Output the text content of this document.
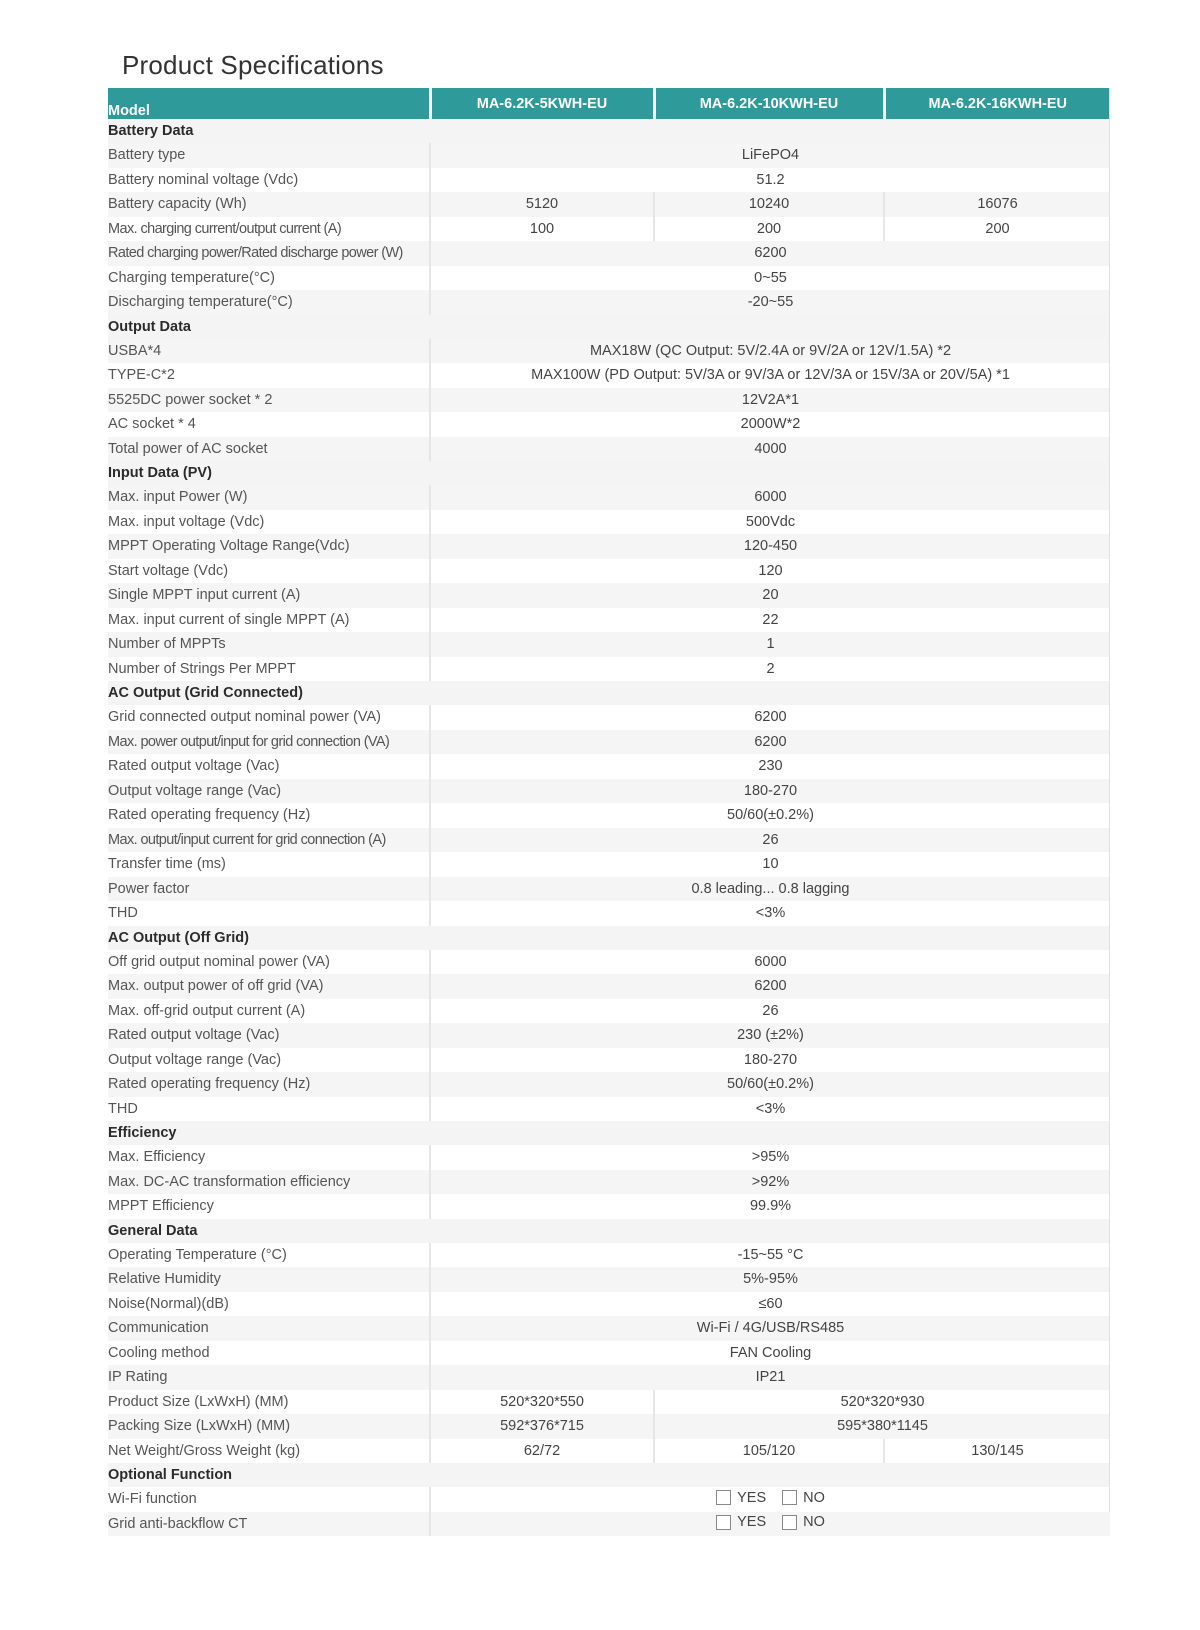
Product Specifications
Model	MA-6.2K-5KWH-EU	MA-6.2K-10KWH-EU	MA-6.2K-16KWH-EU
Battery Data			
Battery type	LiFePO4		
Battery nominal voltage (Vdc)	51.2		
Battery capacity (Wh)	5120	10240	16076
Max. charging current/output current (A)	100	200	200
Rated charging power/Rated discharge power (W)	6200		
Charging temperature(°C)	0~55		
Discharging temperature(°C)	-20~55		
Output Data			
USBA*4	MAX18W (QC Output: 5V/2.4A or 9V/2A or 12V/1.5A) *2		
TYPE-C*2	MAX100W (PD Output: 5V/3A or 9V/3A or 12V/3A or 15V/3A or 20V/5A) *1		
5525DC power socket * 2	12V2A*1		
AC socket * 4	2000W*2		
Total power of AC socket	4000		
Input Data (PV)			
Max. input Power (W)	6000		
Max. input voltage (Vdc)	500Vdc		
MPPT Operating Voltage Range(Vdc)	120-450		
Start voltage (Vdc)	120		
Single MPPT input current (A)	20		
Max. input current of single MPPT (A)	22		
Number of MPPTs	1		
Number of Strings Per MPPT	2		
AC Output (Grid Connected)			
Grid connected output nominal power (VA)	6200		
Max. power output/input for grid connection (VA)	6200		
Rated output voltage (Vac)	230		
Output voltage range (Vac)	180-270		
Rated operating frequency (Hz)	50/60(±0.2%)		
Max. output/input current for grid connection (A)	26		
Transfer time (ms)	10		
Power factor	0.8 leading... 0.8 lagging		
THD	<3%		
AC Output (Off Grid)			
Off grid output nominal power (VA)	6000		
Max. output power of off grid (VA)	6200		
Max. off-grid output current (A)	26		
Rated output voltage (Vac)	230 (±2%)		
Output voltage range (Vac)	180-270		
Rated operating frequency (Hz)	50/60(±0.2%)		
THD	<3%		
Efficiency			
Max. Efficiency	>95%		
Max. DC-AC transformation efficiency	>92%		
MPPT Efficiency	99.9%		
General Data			
Operating Temperature (°C)	-15~55 °C		
Relative Humidity	5%-95%		
Noise(Normal)(dB)	≤60		
Communication	Wi-Fi / 4G/USB/RS485		
Cooling method	FAN Cooling		
IP Rating	IP21		
Product Size (LxWxH) (MM)	520*320*550	520*320*930	
Packing Size (LxWxH) (MM)	592*376*715	595*380*1145	
Net Weight/Gross Weight (kg)	62/72	105/120	130/145
Optional Function			
Wi-Fi function	YES NO		

Grid anti-backflow CT	YES NO		
